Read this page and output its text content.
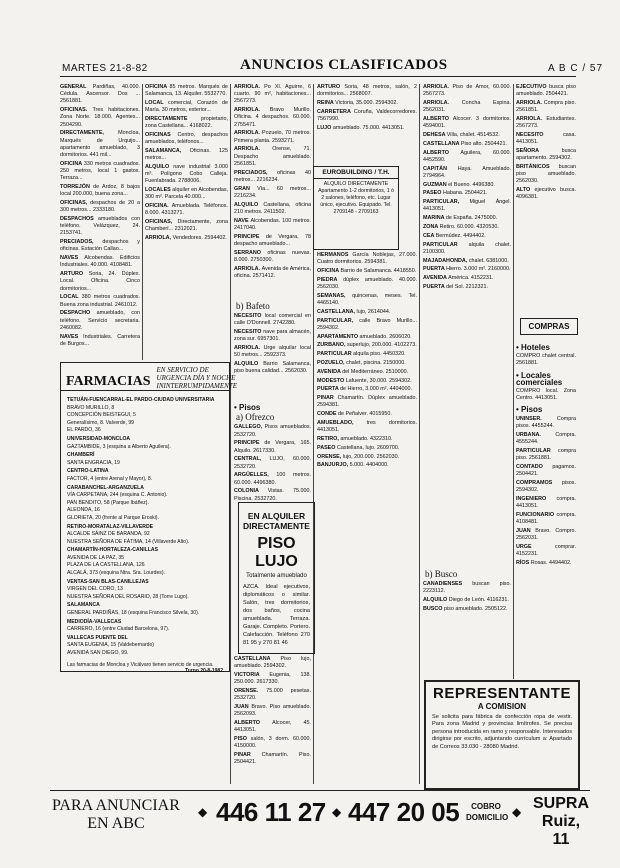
MARTES 21-8-82	ANUNCIOS CLASIFICADOS	A B C / 57

GENERAL Pardiñas, 40.000. Cédula. Ascensor. Dos ... 2561881.

OFICINAS. Tres habitaciones. Zona Norte. 18.000. Agentes... 2504290.

DIRECTAMENTE, Moncloa, Marqués de Urquijo... apartamento amueblado, 3 dormitorios. 441 mil...

OFICINA 330 metros cuadrados. 250 metros, local 1 gastos. Terraza...

TORREJÓN de Ardoz, 8 bajos local 200.000, buena zona...

OFICINAS, despachos de 20 a 300 metros... 2333180.

DESPACHOS amueblados con teléfono. Velázquez, 24. 2153741.

PRECIADOS, despachos y oficinas. Estación Callao...

NAVES Alcobendas. Edificios Industriales. 40.000. 4108481.

ARTURO Soria, 24. Dúplex. Local. Oficina. Cinco dormitorios...

LOCAL 380 metros cuadrados. Buena zona industrial. 2461012.

DESPACHO amueblado, con teléfono. Servicio secretaria. 2460082.

NAVES Industriales. Carretera de Burgos...

OFICINA 85 metros. Marqués de Salamanca, 13. Alquiler. 5532770.

LOCAL comercial, Corazón de María. 30 metros, exterior...

DIRECTAMENTE propietario, zona Castellana... 4168022.

OFICINAS Centro, despachos amueblados, teléfonos...

SALAMANCA, Oficinas. 125 metros...

ALQUILO nave industrial 3.000 m². Polígono Cobo Calleja. Fuenlabrada. 2788006.

LOCALES alquiler en Alcobendas, 300 m². Parcela 40.000...

OFICINA. Amueblada. Teléfonos. 8.000. 4313271.

OFICINAS, Directamente, zona Chamberí... 2312021.

ARRIOLA, Vendedores. 2594402.

FARMACIAS
EN SERVICIO DE URGENCIA DÍA Y NOCHE ININTERRUMPIDAMENTE

TETUÁN-FUENCARRAL-EL PARDO-CIUDAD UNIVERSITARIA

BRAVO MURILLO, 8

CONCEPCIÓN BEISTEGUI, 5

Generalísimo, 8. Valverde, 99

EL PARDO, 36

UNIVERSIDAD-MONCLOA

GAZTAMBIDE, 3 (esquina a Alberto Aguilera).

CHAMBERÍ

SANTA ENGRACIA, 19

CENTRO-LATINA

FACTOR, 4 (entre Arenal y Mayor), 8.

CARABANCHEL-ARGANZUELA

VÍA CARPETANA, 244 (esquina C. Antonio).

PAN BENDITO, 58 (Parque Ibáñez).

ALEONDA, 16

GLORIETA, 20 (frente al Parque Eroski).

RETIRO-MORATALAZ-VILLAVERDE

ALCALDE SÁINZ DE BARANDA, 92

NUESTRA SEÑORA DE FÁTIMA, 14 (Villaverde Alto).

CHAMARTÍN-HORTALEZA-CANILLAS

AVENIDA DE LA PAZ, 35

PLAZA DE LA CASTELLANA, 126

ALCALÁ, 373 (esquina Ntra. Sra. Lourdes).

VENTAS-SAN BLAS-CANILLEJAS

VIRGEN DEL CORO, 13

NUESTRA SEÑORA DEL ROSARIO, 28 (Torre Lugo).

SALAMANCA

GENERAL PARDIÑAS, 18 (esquina Francisco Silvela, 30).

MEDIODÍA-VALLECAS

CARRERO, 16 (entre Ciudad Barcelona, 97).

VALLECAS PUENTE DEL

SANTA EUGENIA, 15 (Valdebernardo)

AVENIDA SAN DIEGO, 99.

Las farmacias de Moncloa y Vicálvaro tienen servicio de urgencia.
Turno 20-8-1982

ARRIOLA. Po Xl. Aguirre, 6 cuarto. 90 m², habitaciones... 2567273.

ARRIOLA. Bravo Murillo. Oficina. 4 despachos. 60.000. 2755471.

ARRIOLA. Pozuelo, 70 metros. Primera planta. 2593271.

ARRIOLA. Orense, 71. Despacho amueblado. 2561851.

PRECIADOS, oficinas 40 metros... 2216234.

GRAN Vía... 60 metros... 2216234.

ALQUILO Castellana, oficina 210 metros. 2411502.

NAVE Alcobendas. 100 metros. 2417040.

PRINCIPE de Vergara, 78 despacho amueblado...

SERRANO oficinas nuevas. 8.000. 2750300.

ARRIOLA. Avenida de América, oficina. 2571412.

b) Bafeto

NECESITO local comercial en calle O'Donnell. 2742280.

NECESITO nave para almacén, zona sur. 6957301.

ARRIOLA. Urge alquilar local 50 metros... 2592373.

ALQUILO Barrio Salamanca, piso buena calidad... 2562030.

• Pisos
a) Ofrezco

GALLEGO, Pisos amueblados. 2532720.

PRINCIPE de Vergara, 165. Alquilo. 2617330.

CENTRAL, LUJO, 60.000. 2532720.

ARGÜELLES, 100 metros. 60.000. 4496380.

COLONIA Vistas. 75.000. Piscina. 2532720.

EN ALQUILER DIRECTAMENTE
PISO LUJO
Totalmente amueblado
AZCA. Ideal ejecutivos, diplomáticos o similar. Salón, tres dormitorios, dos baños, cocina amueblada. Terraza. Garaje. Completo. Portero. Calefacción. Teléfono 270 81 95 y 270 81 46

CASTELLANA Piso lujo, amueblado. 2594302.

VICTORIA Eugenia, 138. 250.000. 2617330.

ORENSE. 75.000 pesetas. 2532720.

JUAN Bravo. Piso amueblado. 2562093.

ALBERTO Alcocer, 45. 4413051.

PISO salón, 3 dorm. 60.000. 4150000.

PINAR Chamartín. Piso. 2504421.

ARTURO Soria, 48 metros, salón, 2 dormitorios... 2568007.

REINA Victoria, 35.000. 2594302.

CARRETERA Coruña, Valdecorredores. 7567990.

LUJO amueblado. 75.000. 4413051.

EUROBUILDING / T.H.
ALQUILO DIRECTAMENTE Apartamento 1-2 dormitorios, 1 ó 2 salones, teléfono, etc. Lugar único, ejecutivo. Equipado. Tel. 2709148 - 2709163

HERMANOS García Noblejas, 27.000. Cuatro dormitorios. 2594381.

OFICINA Barrio de Salamanca. 4418550.

PIEDRA dúplex amueblado. 40.000. 2562030.

SEMANAS, quincenas, meses. Tel. 4465140.

CASTELLANA, lujo, 2614044.

PARTICULAR, calle Bravo Murillo... 2594302.

APARTAMENTO amueblado. 2606020.

ZURBANO, superlujo, 200.000. 4102273.

PARTICULAR alquila piso. 4450320.

POZUELO, chalet, piscina. 2150000.

AVENIDA del Mediterráneo. 2510000.

MODESTO Lafuente, 30.000. 2594302.

PUERTA de Hierro, 3.000 m². 4404000.

PINAR Chamartín. Dúplex amueblado. 2594381.

CONDE de Peñalver. 4015950.

AMUEBLADO, tres dormitorios. 4413051.

RETIRO, amueblado. 4322310.

PASEO Castellana, lujo. 2609700.

ORENSE, lujo, 200.000. 2562030.

BANJURJO, 5.000. 4404000.

ARRIOLA. Piso de Amor, 60.000. 2567273.

ARRIOLA. Concha Espina. 2562031.

ALBERTO Alcocer. 3 dormitorios. 4594001.

DEHESA Villa, chalet. 4514532.

CASTELLANA Piso alto. 2504421.

ALBERTO Aguilera, 60.000. 4452590.

CAPITÁN Haya. Amueblado. 2794964.

GUZMAN el Bueno. 4496380.

PASEO Habana. 2504421.

PARTICULAR, Miguel Ángel. 4413051.

MARINA de España. 2475000.

ZONA Retiro. 60.000. 4320530.

CEA Bermúdez. 4494402.

PARTICULAR alquila chalet. 2100300.

MAJADAHONDA, chalet. 6381000.

PUERTA Hierro. 3.000 m². 2160000.

AVENIDA América. 4152231.

PUERTA del Sol. 2212321.

b) Busco

CANADIENSES buscan piso. 2223112.

ALQUILO Diego de León. 4116231.

BUSCO piso amueblado. 2505122.

REPRESENTANTE
A COMISION
Se solicita para fábrica de confección ropa de vestir. Para zona Madrid y provincias limítrofes. Se precisa persona introducida en ramo y responsable. Interesados dirigirse por escrito, adjuntando currículum a: Apartado de Correos 33.030 - 28080 Madrid.

EJECUTIVO busca piso amueblado. 2504421.

ARRIOLA. Compra piso. 2561851.

ARRIOLA. Estudiantes. 2567273.

NECESITO casa. 4413051.

SEÑORA busca apartamento. 2594302.

BRITÁNICOS buscan piso amueblado. 2562030.

ALTO ejecutivo busca. 4096381.

COMPRAS
• Hoteles

COMPRO chalet central. 2561881.

• Locales comerciales

COMPRO local. Zona Centro. 4413051.

• Pisos

UNINSER. Compra pisos. 4455244.

URBANA. Compra. 4555244.

PARTICULAR compra piso. 2561881.

CONTADO pagamos. 2504421.

COMPRAMOS pisos. 2594302.

INGENIERO compra. 4413051.

FUNCIONARIO compra. 4108481.

JUAN Bravo. Compro. 2562031.

URGE comprar. 4152231.

RÍOS Rosas. 4494402.

PARA ANUNCIAR
EN ABC
◆ 446 11 27 ◆ 447 20 05	◆
COBRO DOMICILIO
SUPRA
Ruiz, 11
